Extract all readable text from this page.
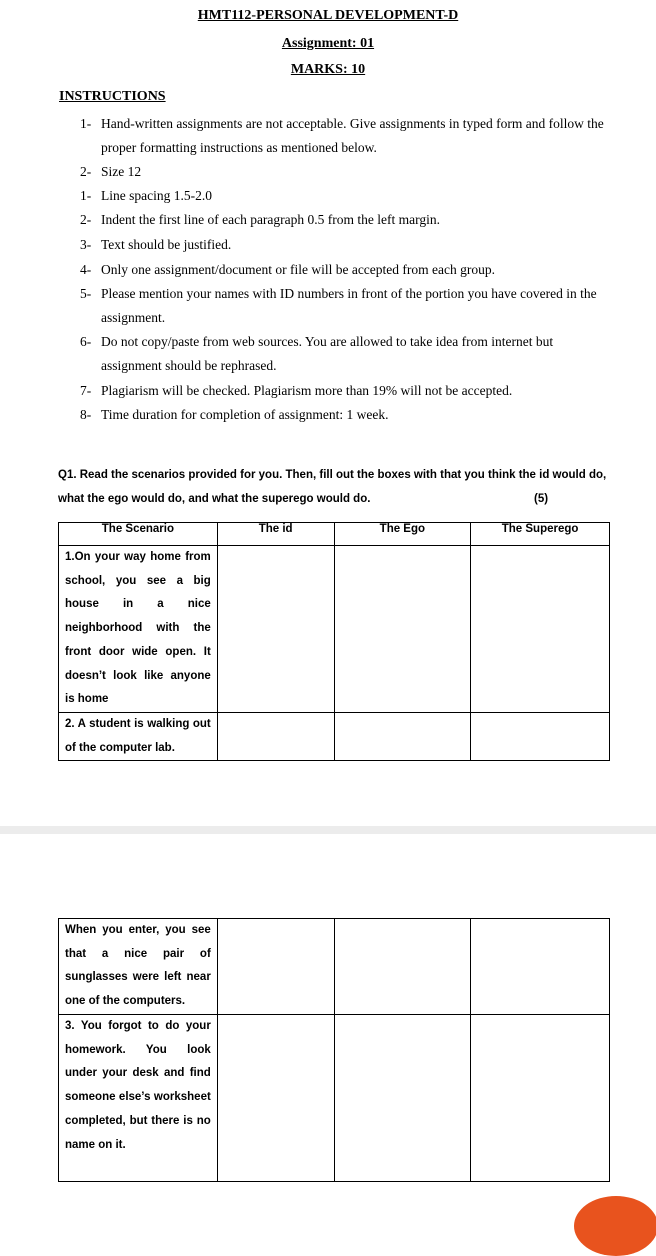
HMT112-PERSONAL DEVELOPMENT-D
Assignment: 01
MARKS: 10
INSTRUCTIONS
1- Hand-written assignments are not acceptable. Give assignments in typed form and follow the proper formatting instructions as mentioned below.
2- Size 12
1- Line spacing 1.5-2.0
2- Indent the first line of each paragraph 0.5 from the left margin.
3- Text should be justified.
4- Only one assignment/document or file will be accepted from each group.
5- Please mention your names with ID numbers in front of the portion you have covered in the assignment.
6- Do not copy/paste from web sources. You are allowed to take idea from internet but assignment should be rephrased.
7- Plagiarism will be checked. Plagiarism more than 19% will not be accepted.
8- Time duration for completion of assignment: 1 week.
Q1. Read the scenarios provided for you. Then, fill out the boxes with that you think the id would do, what the ego would do, and what the superego would do.	(5)
The Scenario	The id	The Ego	The Superego
1.On your way home from school, you see a big house in a nice neighborhood with the front door wide open. It doesn’t look like anyone is home			
2. A student is walking out of the computer lab.			
When you enter, you see that a nice pair of sunglasses were left near one of the computers.			
3. You forgot to do your homework. You look under your desk and find someone else’s worksheet completed, but there is no name on it.			
